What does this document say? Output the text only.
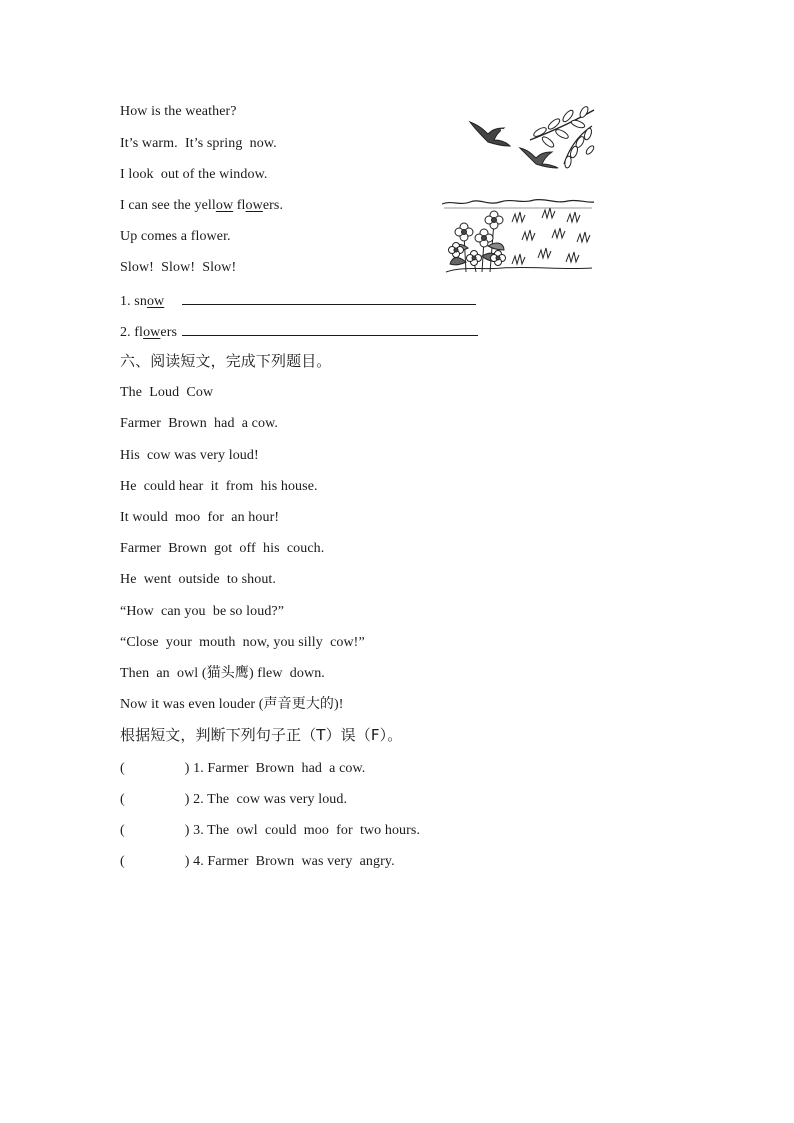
How is the weather?
It’s warm.  It’s spring  now.
I look  out of the window.
I can see the yellow flowers.
Up comes a flower.
Slow!  Slow!  Slow!
1. snow
2. flowers
六、阅读短文，完成下列题目。
The  Loud  Cow
Farmer  Brown  had  a cow.
His  cow was very loud!
He  could hear  it  from  his house.
It would  moo  for  an hour!
Farmer  Brown  got  off  his  couch.
He  went  outside  to shout.
“How  can you  be so loud?”
“Close  your  mouth  now, you silly  cow!”
Then  an  owl (猫头鹰) flew  down.
Now it was even louder (声音更大的)!
根据短文，判断下列句子正（T）误（F）。
(	) 1. Farmer  Brown  had  a cow.
(	) 2. The  cow was very loud.
(	) 3. The  owl  could  moo  for  two hours.
(	) 4. Farmer  Brown  was very  angry.
